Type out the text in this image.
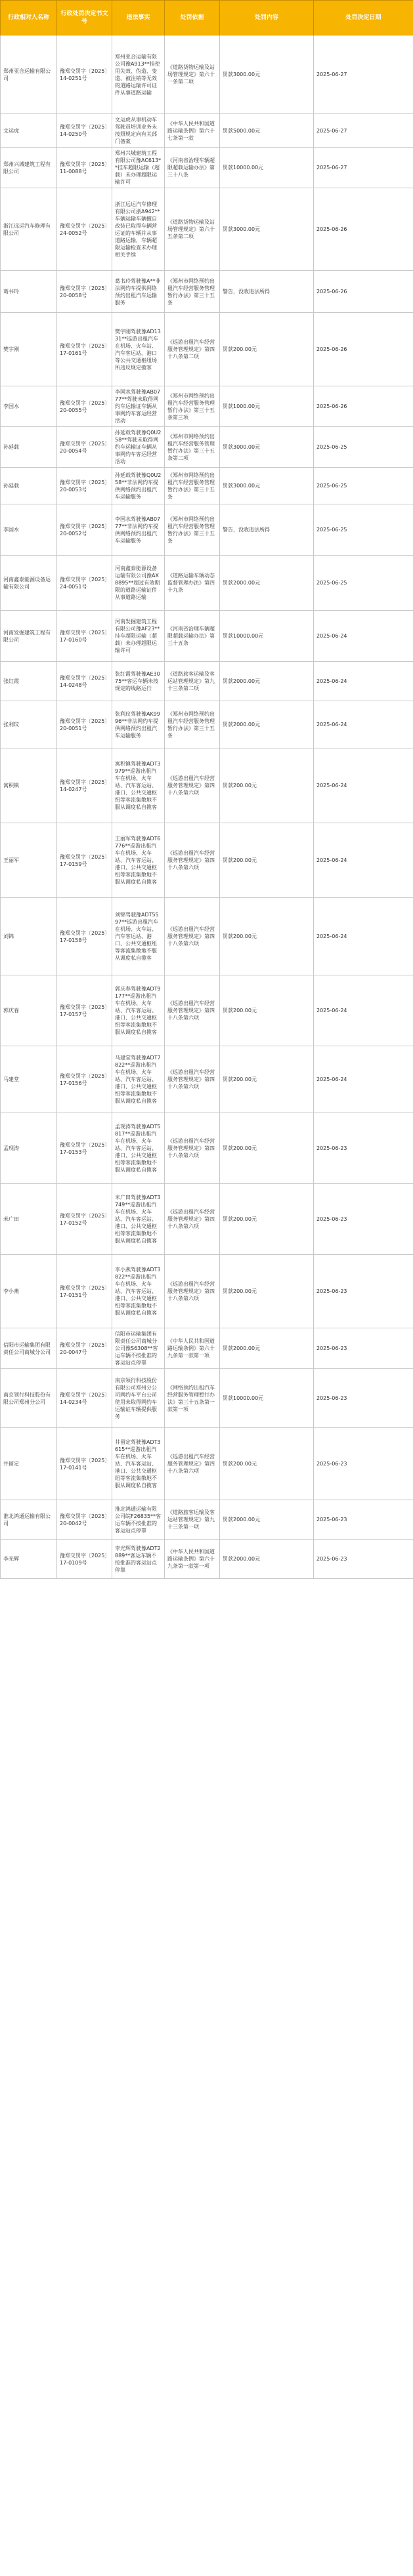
行政相对人名称	行政处罚决定书文号	违法事实	处罚依据	处罚内容	处罚决定日期
郑州亚合运输有限公司	豫郑交罚字〔2025〕14-0251号	郑州亚合运输有限公司豫A913**挂使用失效、伪造、变造、被注销等无效的道路运输许可证件从事道路运输	《道路货物运输及站场管理规定》第六十一条第二项	罚款3000.00元	2025-06-27
文运虎	豫郑交罚字〔2025〕14-0250号	文运虎从事机动车驾驶员培训业务未按照规定向有关部门备案	《中华人民共和国道路运输条例》第六十七条第一款	罚款5000.00元	2025-06-27
郑州兴城建筑工程有限公司	豫郑交罚字〔2025〕11-0088号	郑州兴城建筑工程有限公司豫AC613**挂车超限运输（超载）未办理超限运输许可	《河南省治理车辆超限超载运输办法》第三十八条	罚款10000.00元	2025-06-27
浙江远运汽车修理有限公司	豫郑交罚字〔2025〕24-0052号	浙江远运汽车修理有限公司浙A942**车辆运输车辆擅自改装已取得车辆营运证的车辆并从事道路运输，车辆超限运输检查未办理相关手续	《道路货物运输及站场管理规定》第六十五条第二项	罚款3000.00元	2025-06-26
葛书玲	豫郑交罚字〔2025〕20-0058号	葛书玲驾驶豫A**非法网约车提供网络预约出租汽车运输服务	《郑州市网络预约出租汽车经营服务管理暂行办法》第三十五条	警告，没收违法所得	2025-06-26
樊宇刚	豫郑交罚字〔2025〕17-0161号	樊宇刚驾驶豫AD1331**巡游出租汽车在机场、火车站、汽车客运站、港口等公共交通枢纽场所违反规定揽客	《巡游出租汽车经营服务管理规定》第四十八条第二项	罚款200.00元	2025-06-26
李国水	豫郑交罚字〔2025〕20-0055号	李国水驾驶豫AB0777**驾驶未取得网约车运输证车辆从事网约车客运经营活动	《郑州市网络预约出租汽车经营服务管理暂行办法》第三十五条第三项	罚款1000.00元	2025-06-26
孙延载	豫郑交罚字〔2025〕20-0054号	孙延载驾驶豫Q0U258**驾驶未取得网约车运输证车辆从事网约车客运经营活动	《郑州市网络预约出租汽车经营服务管理暂行办法》第三十五条第二项	罚款3000.00元	2025-06-25
孙延载	豫郑交罚字〔2025〕20-0053号	孙延载驾驶豫Q0U258**非法网约车提供网络预约出租汽车运输服务	《郑州市网络预约出租汽车经营服务管理暂行办法》第三十五条	罚款3000.00元	2025-06-25
李国水	豫郑交罚字〔2025〕20-0052号	李国水驾驶豫AB0777**非法网约车提供网络预约出租汽车运输服务	《郑州市网络预约出租汽车经营服务管理暂行办法》第三十五条	警告，没收违法所得	2025-06-25
河南鑫泰能源设备运输有限公司	豫郑交罚字〔2025〕24-0051号	河南鑫泰能源设备运输有限公司豫AX8895**超过有效期限的道路运输证件从事道路运输	《道路运输车辆动态监督管理办法》第四十九条	罚款2000.00元	2025-06-25
河南发掘建筑工程有限公司	豫郑交罚字〔2025〕17-0160号	河南发掘建筑工程有限公司豫AF23**挂车超限运输（超载）未办理超限运输许可	《河南省治理车辆超限超载运输办法》第三十五条	罚款10000.00元	2025-06-24
张红霞	豫郑交罚字〔2025〕14-0248号	张红霞驾驶豫AE3075**客运车辆未按规定的线路运行	《道路旅客运输及客运站管理规定》第九十三条第二项	罚款2000.00元	2025-06-24
张利玟	豫郑交罚字〔2025〕20-0051号	张利玟驾驶豫AK9996**非法网约车提供网络预约出租汽车运输服务	《郑州市网络预约出租汽车经营服务管理暂行办法》第三十五条	罚款2000.00元	2025-06-24
寓积镇	豫郑交罚字〔2025〕14-0247号	寓积镇驾驶豫ADT3979**巡游出租汽车在机场、火车站、汽车客运站、港口、公共交通枢纽等客流集散地不服从调度私自揽客	《巡游出租汽车经营服务管理规定》第四十八条第六项	罚款200.00元	2025-06-24
王丽军	豫郑交罚字〔2025〕17-0159号	王丽军驾驶豫ADT6776**巡游出租汽车在机场、火车站、汽车客运站、港口、公共交通枢纽等客流集散地不服从调度私自揽客	《巡游出租汽车经营服务管理规定》第四十八条第六项	罚款200.00元	2025-06-24
刘锦	豫郑交罚字〔2025〕17-0158号	刘锦驾驶豫ADT5597**巡游出租汽车在机场、火车站、汽车客运站、港口、公共交通枢纽等客流集散地不服从调度私自揽客	《巡游出租汽车经营服务管理规定》第四十八条第六项	罚款200.00元	2025-06-24
郭庆春	豫郑交罚字〔2025〕17-0157号	郭庆春驾驶豫ADT9177**巡游出租汽车在机场、火车站、汽车客运站、港口、公共交通枢纽等客流集散地不服从调度私自揽客	《巡游出租汽车经营服务管理规定》第四十八条第六项	罚款200.00元	2025-06-24
马建堂	豫郑交罚字〔2025〕17-0156号	马建堂驾驶豫ADT7822**巡游出租汽车在机场、火车站、汽车客运站、港口、公共交通枢纽等客流集散地不服从调度私自揽客	《巡游出租汽车经营服务管理规定》第四十八条第六项	罚款200.00元	2025-06-24
孟现涛	豫郑交罚字〔2025〕17-0153号	孟现涛驾驶豫ADT5817**巡游出租汽车在机场、火车站、汽车客运站、港口、公共交通枢纽等客流集散地不服从调度私自揽客	《巡游出租汽车经营服务管理规定》第四十八条第六项	罚款200.00元	2025-06-23
米广田	豫郑交罚字〔2025〕17-0152号	米广田驾驶豫ADT3749**巡游出租汽车在机场、火车站、汽车客运站、港口、公共交通枢纽等客流集散地不服从调度私自揽客	《巡游出租汽车经营服务管理规定》第四十八条第六项	罚款200.00元	2025-06-23
李小燕	豫郑交罚字〔2025〕17-0151号	李小燕驾驶豫ADT3822**巡游出租汽车在机场、火车站、汽车客运站、港口、公共交通枢纽等客流集散地不服从调度私自揽客	《巡游出租汽车经营服务管理规定》第四十八条第六项	罚款200.00元	2025-06-23
信阳市运输集团有限责任公司商城分公司	豫郑交罚字〔2025〕20-0047号	信阳市运输集团有限责任公司商城分公司豫S6308**客运车辆不按批准的客运站点停靠	《中华人民共和国道路运输条例》第六十九条第一款第一项	罚款2000.00元	2025-06-23
南京领行科技股份有限公司郑州分公司	豫郑交罚字〔2025〕14-0234号	南京领行科技股份有限公司郑州分公司网约车平台公司使用未取得网约车运输证车辆提供服务	《网络预约出租汽车经营服务管理暂行办法》第三十五条第一款第一项	罚款10000.00元	2025-06-23
井留定	豫郑交罚字〔2025〕17-0141号	井留定驾驶豫ADT3615**巡游出租汽车在机场、火车站、汽车客运站、港口、公共交通枢纽等客流集散地不服从调度私自揽客	《巡游出租汽车经营服务管理规定》第四十八条第六项	罚款200.00元	2025-06-23
淮北鸿通运输有限公司	豫郑交罚字〔2025〕20-0042号	淮北鸿通运输有限公司皖F26835**客运车辆不按批准的客运站点停靠	《道路旅客运输及客运站管理规定》第九十三条第一项	罚款2000.00元	2025-06-23
李光辉	豫郑交罚字〔2025〕17-0109号	李光辉驾驶豫ADT2889**客运车辆不按批准的客运站点停靠	《中华人民共和国道路运输条例》第六十九条第一款第一项	罚款2000.00元	2025-06-23
